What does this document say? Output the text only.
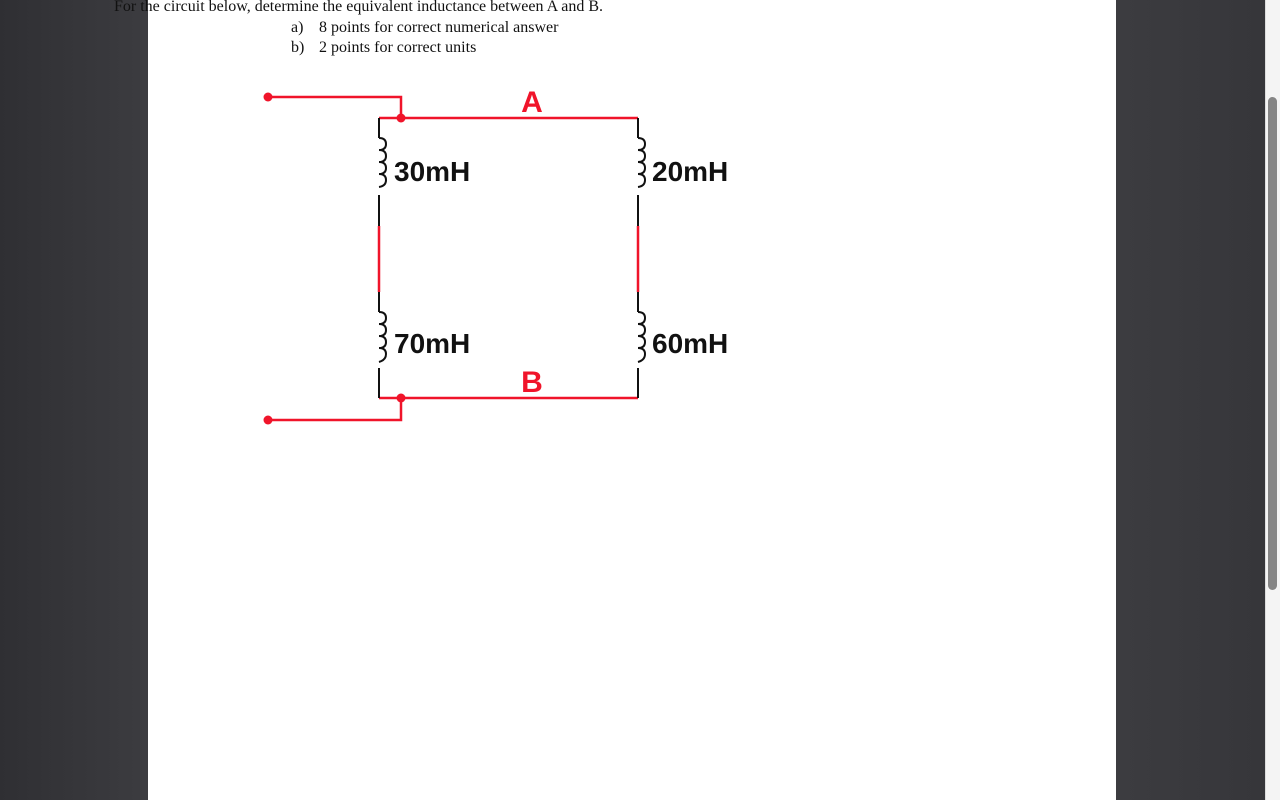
For the circuit below, determine the equivalent inductance between A and B.
a) 8 points for correct numerical answer
b) 2 points for correct units
30mH
70mH
20mH
60mH
A
B
